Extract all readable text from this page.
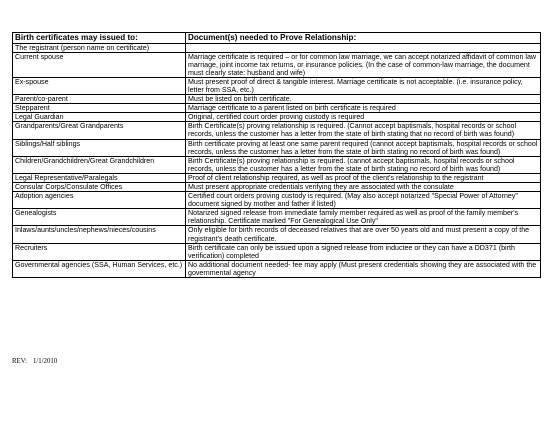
Birth certificates may issued to:	Document(s) needed to Prove Relationship:
The registrant (person name on certificate)	
Current spouse	Marriage certificate is required – or for common law marriage, we can accept notarized affidavit of common law marriage, joint income tax returns, or insurance policies. (In the case of common-law marriage, the document must clearly state: husband and wife)
Ex-spouse	Must present proof of direct & tangible interest. Marriage certificate is not acceptable. (i.e. insurance policy, letter from SSA, etc.)
Parent/co-parent	Must be listed on birth certificate.
Stepparent	Marriage certificate to a parent listed on birth certificate is required
Legal Guardian	Original, certified court order proving custody is required
Grandparents/Great Grandparents	Birth Certificate(s) proving relationship is required. (Cannot accept baptismals, hospital records or school records, unless the customer has a letter from the state of birth stating that no record of birth was found)
Siblings/Half siblings	Birth certificate proving at least one same parent required (cannot accept baptismals, hospital records or school records, unless the customer has a letter from the state of birth stating no record of birth was found)
Children/Grandchildren/Great Grandchildren	Birth Certificate(s) proving relationship is required. (cannot accept baptismals, hospital records or school records, unless the customer has a letter from the state of birth stating no record of birth was found)
Legal Representative/Paralegals	Proof of client relationship required, as well as proof of the client's relationship to the registrant
Consular Corps/Consulate Offices	Must present appropriate credentials verifying they are associated with the consulate
Adoption agencies	Certified court orders proving custody is required. (May also accept notarized "Special Power of Attorney" document signed by mother and father if listed)
Genealogists	Notarized signed release from immediate family member required as well as proof of the family member's relationship. Certificate marked "For Genealogical Use Only"
Inlaws/aunts/uncles/nephews/nieces/cousins	Only eligible for birth records of deceased relatives that are over 50 years old and must present a copy of the registrant's death certificate.
Recruiters	Birth certificate can only be issued upon a signed release from inductee or they can have a DD371 (birth verification) completed
Governmental agencies (SSA, Human Services, etc.)	No additional document needed- fee may apply (Must present credentials showing they are associated with the governmental agency
REV: 1/1/2010
